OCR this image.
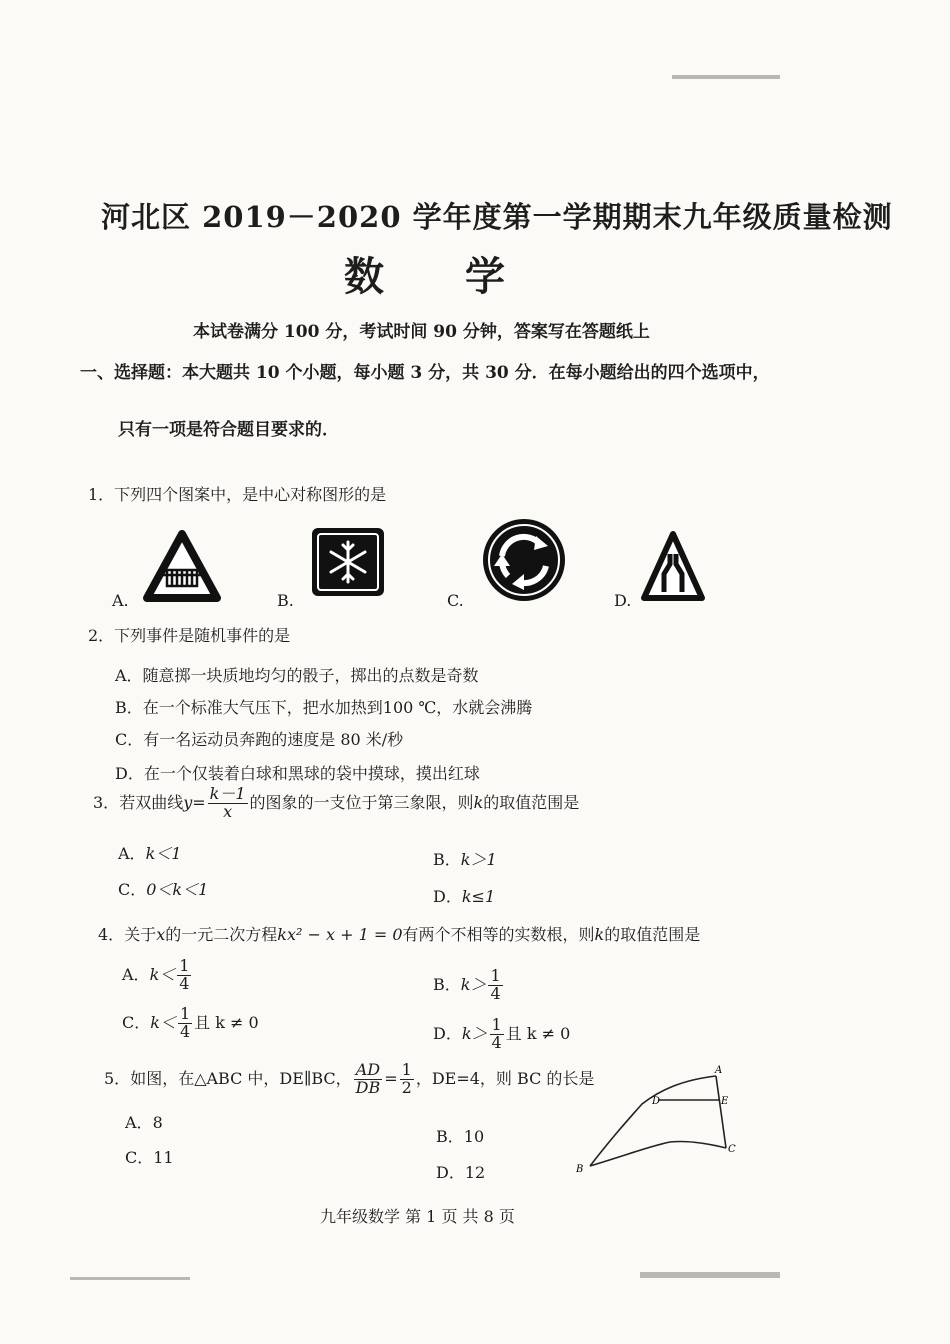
河北区 2019－2020 学年度第一学期期末九年级质量检测
数 学
本试卷满分 100 分，考试时间 90 分钟，答案写在答题纸上
一、选择题：本大题共 10 个小题，每小题 3 分，共 30 分．在每小题给出的四个选项中，
只有一项是符合题目要求的．
1．下列四个图案中，是中心对称图形的是
A.	B.	C.	D.
2．下列事件是随机事件的是
A．随意掷一块质地均匀的骰子，掷出的点数是奇数
B．在一个标准大气压下，把水加热到100 ℃，水就会沸腾
C．有一名运动员奔跑的速度是 80 米/秒
D．在一个仅装着白球和黑球的袋中摸球，摸出红球
3．若双曲线$y= \frac{k-1}{x}$ 的图象的一支位于第三象限，则k的取值范围是
A．k＜1	B．k＞1
C．0＜k＜1	D．k≤1
4．关于x的一元二次方程kx² − x + 1 = 0有两个不相等的实数根，则k的取值范围是
A．$k< \frac{1}{4}$	B．$k> \frac{1}{4}$
C．$k< \frac{1}{4}$ 且 k ≠ 0
D．$k> \frac{1}{4}$ 且 k ≠ 0
5．如图，在△ABC 中，DE∥BC， $\frac{AD}{DB} = \frac{1}{2}$ ，DE=4，则 BC 的长是
A．8
B．10
C．11
D．12
A
D	E
C
B
九年级数学 第 1 页 共 8 页
